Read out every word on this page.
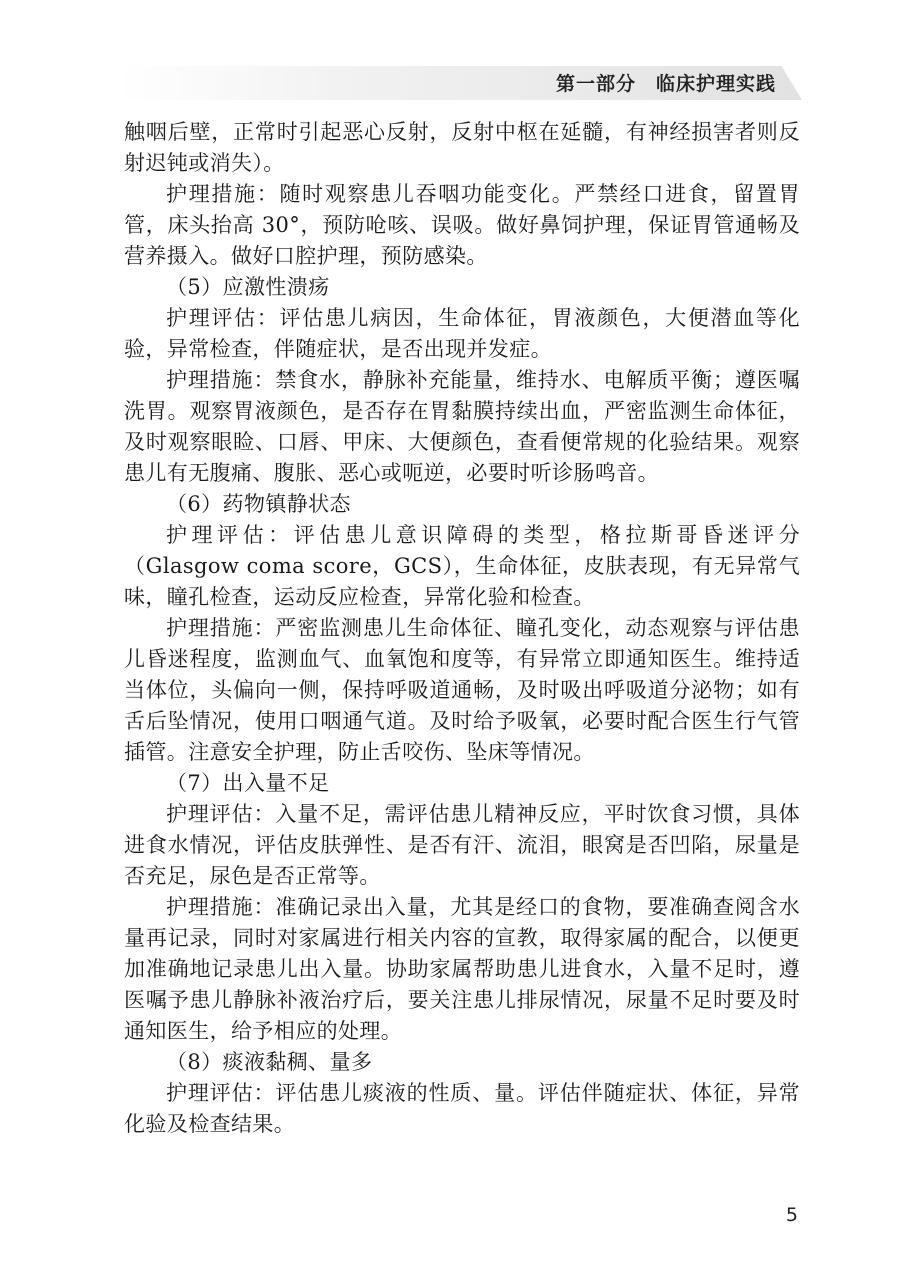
第一部分　临床护理实践

触咽后壁，正常时引起恶心反射，反射中枢在延髓，有神经损害者则反射迟钝或消失）。

护理措施：随时观察患儿吞咽功能变化。严禁经口进食，留置胃管，床头抬高 30°，预防呛咳、误吸。做好鼻饲护理，保证胃管通畅及营养摄入。做好口腔护理，预防感染。

（5）应激性溃疡

护理评估：评估患儿病因，生命体征，胃液颜色，大便潜血等化验，异常检查，伴随症状，是否出现并发症。

护理措施：禁食水，静脉补充能量，维持水、电解质平衡；遵医嘱洗胃。观察胃液颜色，是否存在胃黏膜持续出血，严密监测生命体征，及时观察眼睑、口唇、甲床、大便颜色，查看便常规的化验结果。观察患儿有无腹痛、腹胀、恶心或呃逆，必要时听诊肠鸣音。

（6）药物镇静状态

护理评估：评估患儿意识障碍的类型，格拉斯哥昏迷评分（Glasgow coma score，GCS），生命体征，皮肤表现，有无异常气味，瞳孔检查，运动反应检查，异常化验和检查。

护理措施：严密监测患儿生命体征、瞳孔变化，动态观察与评估患儿昏迷程度，监测血气、血氧饱和度等，有异常立即通知医生。维持适当体位，头偏向一侧，保持呼吸道通畅，及时吸出呼吸道分泌物；如有舌后坠情况，使用口咽通气道。及时给予吸氧，必要时配合医生行气管插管。注意安全护理，防止舌咬伤、坠床等情况。

（7）出入量不足

护理评估：入量不足，需评估患儿精神反应，平时饮食习惯，具体进食水情况，评估皮肤弹性、是否有汗、流泪，眼窝是否凹陷，尿量是否充足，尿色是否正常等。

护理措施：准确记录出入量，尤其是经口的食物，要准确查阅含水量再记录，同时对家属进行相关内容的宣教，取得家属的配合，以便更加准确地记录患儿出入量。协助家属帮助患儿进食水，入量不足时，遵医嘱予患儿静脉补液治疗后，要关注患儿排尿情况，尿量不足时要及时通知医生，给予相应的处理。

（8）痰液黏稠、量多

护理评估：评估患儿痰液的性质、量。评估伴随症状、体征，异常化验及检查结果。

5
